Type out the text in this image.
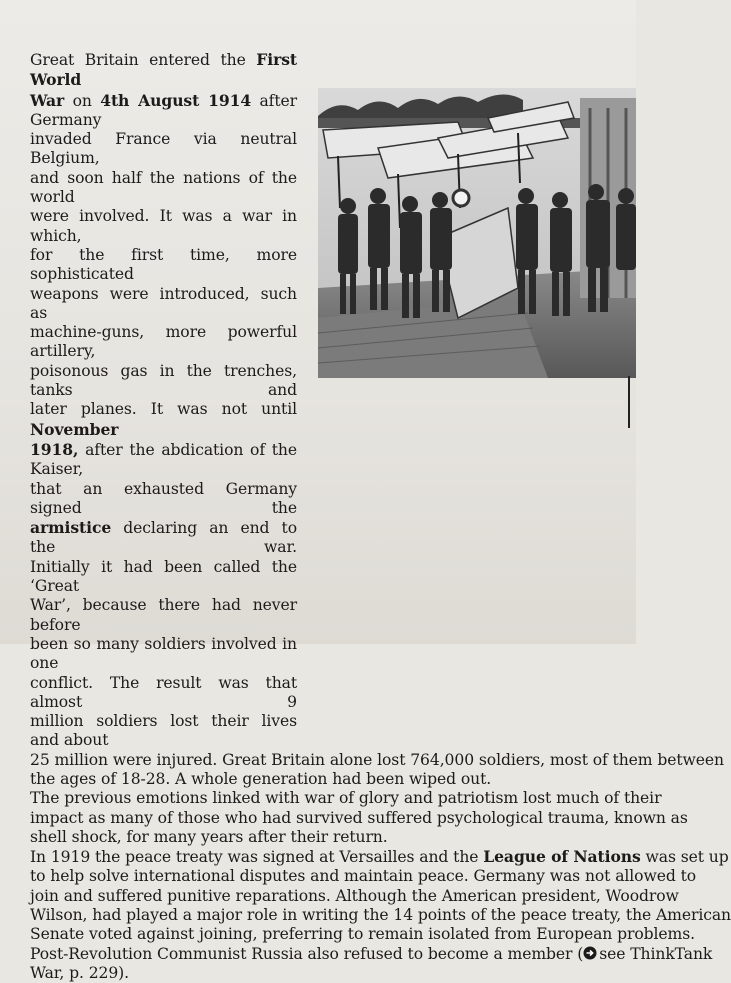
Great Britain entered the First World
War on 4th August 1914 after Germany
invaded France via neutral Belgium,
and soon half the nations of the world
were involved. It was a war in which,
for the first time, more sophisticated
weapons were introduced, such as
machine-guns, more powerful artillery,
poisonous gas in the trenches, tanks and
later planes. It was not until November
1918, after the abdication of the Kaiser,
that an exhausted Germany signed the
armistice declaring an end to the war.
Initially it had been called the ‘Great
War’, because there had never before
been so many soldiers involved in one
conflict. The result was that almost 9
million soldiers lost their lives and about
25 million were injured. Great Britain alone lost 764,000 soldiers, most of them between
the ages of 18-28. A whole generation had been wiped out.
The previous emotions linked with war of glory and patriotism lost much of their
impact as many of those who had survived suffered psychological trauma, known as
shell shock, for many years after their return.
In 1919 the peace treaty was signed at Versailles and the League of Nations was set up
to help solve international disputes and maintain peace. Germany was not allowed to
join and suffered punitive reparations. Although the American president, Woodrow
Wilson, had played a major role in writing the 14 points of the peace treaty, the American
Senate voted against joining, preferring to remain isolated from European problems.
Post-Revolution Communist Russia also refused to become a member ( see ThinkTank
War, p. 229).
